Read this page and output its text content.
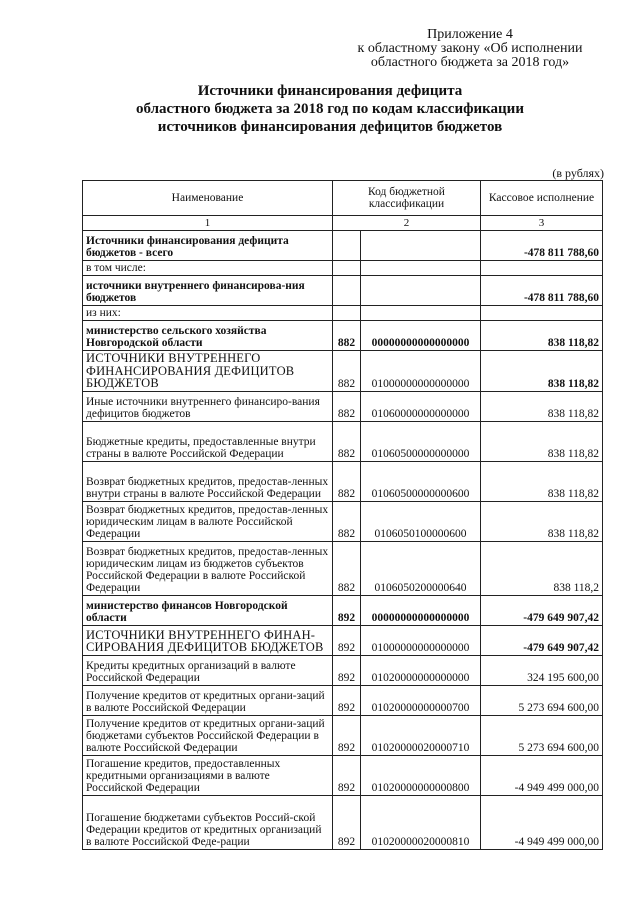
Приложение 4
к областному закону «Об исполнении
областного бюджета за 2018 год»
Источники финансирования дефицита
областного бюджета за 2018 год по кодам классификации
источников финансирования дефицитов бюджетов
(в рублях)
Наименование	Код бюджетной классификации		Кассовое исполнение
1	2		3
Источники финансирования дефицита бюджетов - всего			-478 811 788,60
в том числе:			
источники внутреннего финансирова-ния бюджетов			-478 811 788,60
из них:			
министерство сельского хозяйства Новгородской области	882	00000000000000000	838 118,82
ИСТОЧНИКИ ВНУТРЕННЕГО ФИНАНСИРОВАНИЯ ДЕФИЦИТОВ БЮДЖЕТОВ	882	01000000000000000	838 118,82
Иные источники внутреннего финансиро-вания дефицитов бюджетов	882	01060000000000000	838 118,82
Бюджетные кредиты, предоставленные внутри страны в валюте Российской Федерации	882	01060500000000000	838 118,82
Возврат бюджетных кредитов, предостав-ленных внутри страны в валюте Российской Федерации	882	01060500000000600	838 118,82
Возврат бюджетных кредитов, предостав-ленных юридическим лицам в валюте Российской Федерации	882	0106050100000600	838 118,82
Возврат бюджетных кредитов, предостав-ленных юридическим лицам из бюджетов субъектов Российской Федерации в валюте Российской Федерации	882	0106050200000640	838 118,2
министерство финансов Новгородской области	892	00000000000000000	-479 649 907,42
ИСТОЧНИКИ ВНУТРЕННЕГО ФИНАН-СИРОВАНИЯ ДЕФИЦИТОВ БЮДЖЕТОВ	892	01000000000000000	-479 649 907,42
Кредиты кредитных организаций в валюте Российской Федерации	892	01020000000000000	324 195 600,00
Получение кредитов от кредитных органи-заций в валюте Российской Федерации	892	01020000000000700	5 273 694 600,00
Получение кредитов от кредитных органи-заций бюджетами субъектов Российской Федерации в валюте Российской Федерации	892	01020000020000710	5 273 694 600,00
Погашение кредитов, предоставленных кредитными организациями в валюте Российской Федерации	892	01020000000000800	-4 949 499 000,00
Погашение бюджетами субъектов Россий-ской Федерации кредитов от кредитных организаций в валюте Российской Феде-рации	892	01020000020000810	-4 949 499 000,00
